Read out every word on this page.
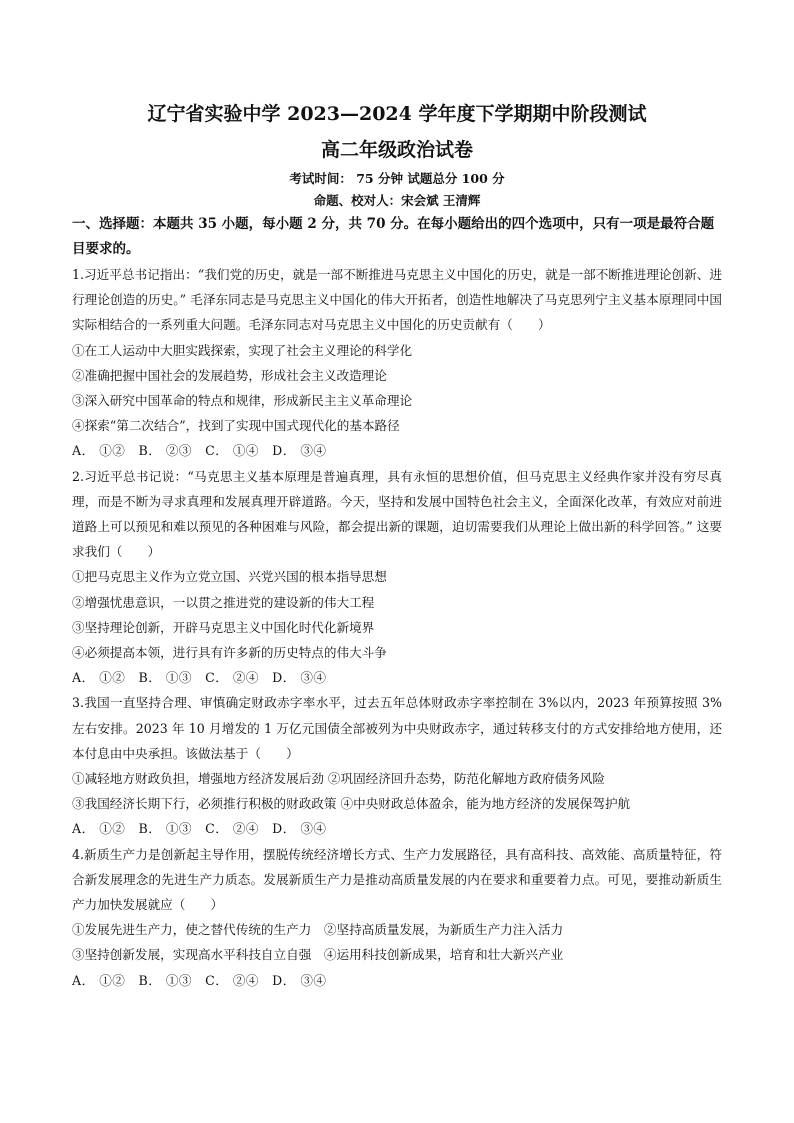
辽宁省实验中学 2023—2024 学年度下学期期中阶段测试
高二年级政治试卷
考试时间： 75 分钟 试题总分 100 分
命题、校对人：宋会斌 王清辉
一、选择题：本题共 35 小题，每小题 2 分，共 70 分。在每小题给出的四个选项中，只有一项是最符合题目要求的。

1.习近平总书记指出：“我们党的历史，就是一部不断推进马克思主义中国化的历史，就是一部不断推进理论创新、进行理论创造的历史。” 毛泽东同志是马克思主义中国化的伟大开拓者，创造性地解决了马克思列宁主义基本原理同中国实际相结合的一系列重大问题。毛泽东同志对马克思主义中国化的历史贡献有（　　）

①在工人运动中大胆实践探索，实现了社会主义理论的科学化

②准确把握中国社会的发展趋势，形成社会主义改造理论

③深入研究中国革命的特点和规律，形成新民主主义革命理论

④探索“第二次结合”，找到了实现中国式现代化的基本路径

A． ①②　B． ②③　C． ①④　D． ③④

2.习近平总书记说：“马克思主义基本原理是普遍真理，具有永恒的思想价值，但马克思主义经典作家并没有穷尽真理，而是不断为寻求真理和发展真理开辟道路。今天，坚持和发展中国特色社会主义，全面深化改革，有效应对前进道路上可以预见和难以预见的各种困难与风险，都会提出新的课题，迫切需要我们从理论上做出新的科学回答。” 这要求我们（　　）

①把马克思主义作为立党立国、兴党兴国的根本指导思想

②增强忧患意识，一以贯之推进党的建设新的伟大工程

③坚持理论创新，开辟马克思主义中国化时代化新境界

④必须提高本领，进行具有许多新的历史特点的伟大斗争

A． ①②　B． ①③　C． ②④　D． ③④

3.我国一直坚持合理、审慎确定财政赤字率水平，过去五年总体财政赤字率控制在 3%以内，2023 年预算按照 3%左右安排。2023 年 10 月增发的 1 万亿元国债全部被列为中央财政赤字，通过转移支付的方式安排给地方使用，还本付息由中央承担。该做法基于（　　）

①减轻地方财政负担，增强地方经济发展后劲 ②巩固经济回升态势，防范化解地方政府债务风险

③我国经济长期下行，必须推行积极的财政政策 ④中央财政总体盈余，能为地方经济的发展保驾护航

A． ①②　B． ①③　C． ②④　D． ③④

4.新质生产力是创新起主导作用，摆脱传统经济增长方式、生产力发展路径，具有高科技、高效能、高质量特征，符合新发展理念的先进生产力质态。发展新质生产力是推动高质量发展的内在要求和重要着力点。可见，要推动新质生产力加快发展就应（　　）

①发展先进生产力，使之替代传统的生产力　②坚持高质量发展，为新质生产力注入活力

③坚持创新发展，实现高水平科技自立自强　④运用科技创新成果，培育和壮大新兴产业

A． ①②　B． ①③　C． ②④　D． ③④
